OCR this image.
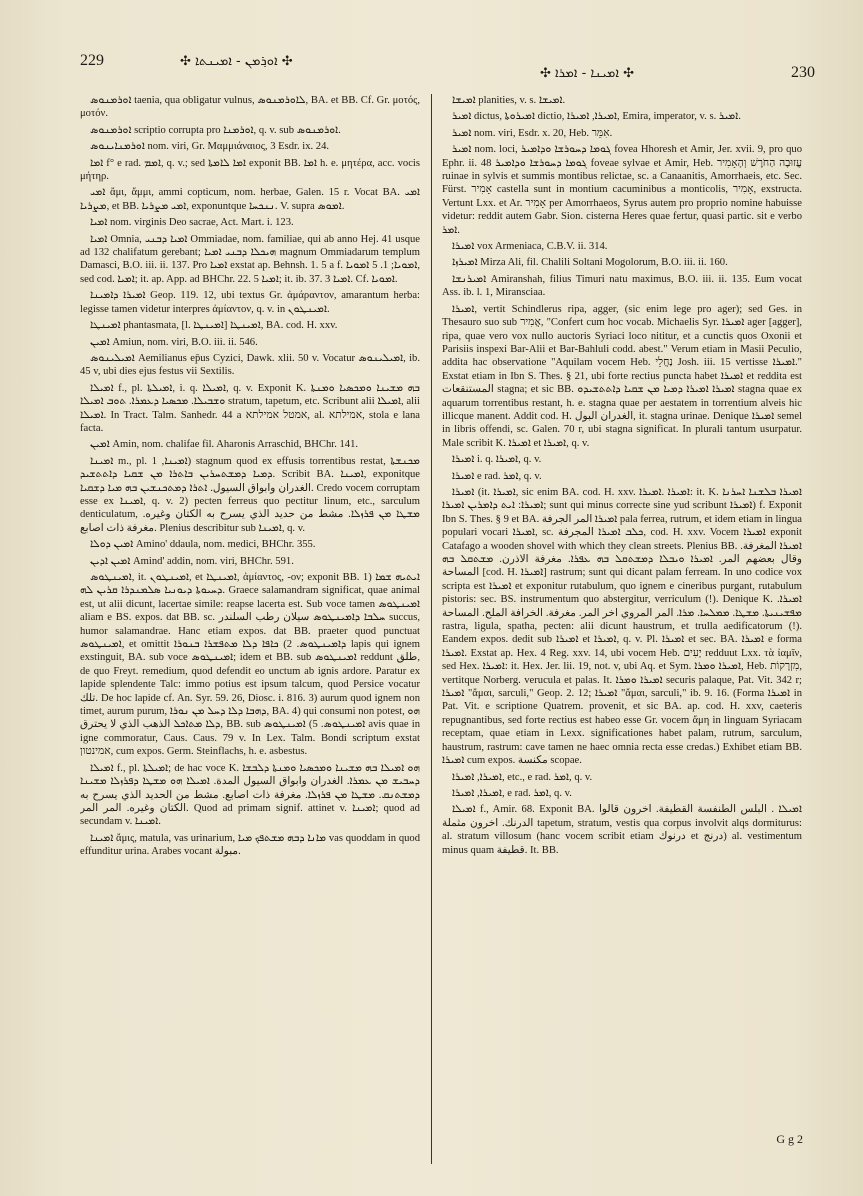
229	✣ ܐܘܪ݂ܡܢ - ܐܡܝܢܬܐ ✣
✣ ܐܡܝܢܐ - ܐܡܪܐ ✣	230

ܐܘܪܡܢܘܣ taenia, qua obligatur vulnus, ܠܐܘܪܡܢܘܣ, BA. et BB. Cf. Gr. μοτός, μοτόν.

ܐܘܪܡܢܘܣ scriptio corrupta pro ܐܘܪܡܢܐ, q. v. sub ܐܘܪܡܢܘܣ.

ܐܘܪܡܢܐܝܢܘܣ nom. viri, Gr. Μαμμιάναιος, 3 Esdr. ix. 24.

ܐܡܐ f° e rad. ܐܡܡ, q. v.; sed ܐܡܐ ܠܐܡܬܐ exponit BB. ܐܡܐ h. e. μητέρα, acc. vocis μήτηρ.

ܐܡܝ ἄμι, ἄμμι, ammi copticum, nom. herbae, Galen. 15 r. Vocat BA. ܐܡܝ ܡܨܪܝܐ, et BB. ܐܡܝ ܡܨܪܝܐ, exponuntque ܢܢܟܚܐ. V. supra ܐܡܘܣ.

ܐܡܝܐ nom. virginis Deo sacrae, Act. Mart. i. 123.

ܐܡܝܐ Omnia, ܐܡܝܐ ܕܒܢܝ Ommiadae, nom. familiae, qui ab anno Hej. 41 usque ad 132 chalifatum gerebant; ܗܝܟܠܐ ܕܒܢܝ ܐܡܝܐ magnum Ommiadarum templum Damasci, B.O. iii. ii. 137. Pro ܐܡܝܐ exstat ap. Behnsh. 1. 5 a f. ܐܡܘܝܐ; 1. 5 ܐܡܘܝܐ, sed cod. ܐܡܝܐ; it. ap. App. ad BHChr. 22. 5 ܐܡܝܐ; it. ib. 37. 3 ܐܡܝܐ. Cf. ܐܡܘܝܐ.

ܐܡܝܪܐ ܕܐܡܝܢܐ Geop. 119. 12, ubi textus Gr. ἀμάραντον, amarantum herba: legisse tamen videtur interpres ἀμίαντον, q. v. in ܐܡܝܢܛܘܢ.

ܐܡܝܢܛܐ phantasmata, [l. ܐܡܝܢܛܐ] ܐܡܝܢܛܐ, BA. cod. H. xxv.

ܐܡܝܢ Amiun, nom. viri, B.O. iii. ii. 546.

ܐܡܝܠܝܢܘܣ Aemilianus ep̄us Cyzici, Dawk. xlii. 50 v. Vocatur ܐܡܝܠܝܢܘܣ, ib. 45 v, ubi dies ejus festus vii Sextilis.

ܐܡܝܠܐ f., pl. ܐܡܝܠܬܐ, i. q. ܐܡܝܠܐ, q. v. Exponit K. ܒܗ ܡܫܝܢܐ ܘܡܟܣܝܐ ܘܡܢܬܐ ܘܫܒܝܠܐ. ܡܟܣܝܐ ܕܥܡܪܐ. ܬܘܒ ܐܡܝܠܐ stratum, tapetum, etc. Scribunt alii ܐܡܝܠܐ, alii ܐܡܝܠܐ. In Tract. Talm. Sanhedr. 44 a אמטל אמילתא, al. אמילתא, stola e lana facta.

ܐܡܝܢ Amin, nom. chalifae fil. Aharonis Arraschid, BHChr. 141.

ܐܡܝܢܐ m., pl. ܐܡܝܢܐ, 1) stagnum quod ex effusis torrentibus restat, ܡܟܢܫܬܐ ܕܡܝܐ ܕܡܫܬܚܪܝܢ ܒܐܬܪܐ ܡܢ ܫܩܝܐ ܕܐܬܬܫܝܕ. Scribit BA. ܐܡܝܢܐ, exponitque الغدران وابواق السيول. ܐܬܪܐ ܕܡܬܟܢܫܝܢ ܒܗ ܡܝܐ ܕܫܩܝܐ. Credo vocem corruptam esse ex ܐܡܝܢܐ, q. v. 2) pecten ferreus quo pectitur linum, etc., sarculum denticulatum, ܡܫܛܐ ܡܢ ܦܪܙܠܐ. مشط من حديد الذي يسرح به الكتان وغيره. مغرفة ذات اصابع. Plenius describitur sub ܐܡܝܢܐ, q. v.

ܐܡܝܢ ܕܘܠܐ Amino' ddaula, nom. medici, BHChr. 355.

ܐܡܝܢ ܐܕܝܢ Amind' addin, nom. viri, BHChr. 591.

ܐܡܝܢܛܘܣ, it. ܐܡܝܢܛܘܢ, et ܐܡܝܢܛܐ, ἀμίαντος, -ον; exponit BB. 1) ܐܝܬܝܗ ܫܡܐ ܕܚܝܘܬܐ ܕܝܘܢܝܐ ܣܠܡܢܕܪܐ ܩܪܝܢ ܠܗ. Graece salamandram significat, quae animal est, ut alii dicunt, lacertae simile: reapse lacerta est. Sub voce tamen ܐܡܝܢܛܘܣ aliam e BS. expos. dat BB. sc. ܚܠܒܐ ܕܐܡܝܢܛܘܣ سيلان رطب السلندر succus, humor salamandrae. Hanc etiam expos. dat BB. praeter quod punctuat ܐܡܝܢܛܘܣ, et omittit ܕܐܡܝܢܛܘܣ. 2) ܟܐܦܐ ܕܠܐ ܡܬܦܫܪܐ ܒܢܘܪܐ lapis qui ignem exstinguit, BA. sub voce ܐܡܝܢܛܘܣ; idem et BB. sub ܐܡܝܢܛܘܣ reddunt طلق, de quo Freyt. remedium, quod defendit eo unctum ab ignis ardore. Paratur ex lapide splendente Talc: immo potius est ipsum talcum, quod Persice vocatur تلك. De hoc lapide cf. An. Syr. 59. 26, Diosc. i. 816. 3) aurum quod ignem non timet, aurum purum, ܕܗܒܐ ܕܠܐ ܕܚܠ ܡܢ ܢܘܪܐ, BA. 4) qui consumi non potest, ܗܘ ܕܠܐ ܡܬܐܟܠ الذهب الذي لا يحترق, BB. sub ܐܡܝܢܛܘܣ. 5) ܐܡܝܢܛܘܣ avis quae in igne commoratur, Caus. Caus. 79 v. In Lex. Talm. Bondi scriptum exstat אמינטון, cum expos. Germ. Steinflachs, h. e. asbestus.

ܐܡܝܠܐ f., pl. ܐܡܝܠܬܐ; de hac voce K. ܗܘ ܐܡܝܠܐ ܒܗ ܡܫܝܢܐ ܘܡܟܣܝܐ ܘܡܢܬܐ ܕܠܒܫܐ ܕܚܒܝܫ ܡܢ ܥܡܪܐ. الغدران وابواق السيول المدة. ܐܡܝܠܐ ܗܘ ܡܫܛܐ ܕܦܪܙܠܐ ܡܫܝܢܐ ܕܡܫܬܢܩ. ܡܫܛܐ ܡܢ ܦܪܙܠܐ. مغرفة ذات اصابع. مشط من الحديد الذي يسرح به الكتان وغيره. المر المر. Quod ad primam signif. attinet v. ܐܡܝܢܐ; quod ad secundam v. ܐܡܝܢܐ.

ܐܡܝܢܐ ἄμις, matula, vas urinarium, ܡܐܢܐ ܕܒܗ ܡܫܬܦܟ ܡܝܐ vas quoddam in quod effunditur urina. Arabes vocant مبولة.

ܐܡܝܫܐ planities, v. s. ܐܡܝܫܐ.

ܐܡܝܪ dictus, ܐܡܝܪܘܬܐ dictio, ܐܡܝܪܐ, ܐܡܝܪܐ, Emira, imperator, v. s. ܐܡܝܪ.

ܐܡܝܪ nom. viri, Esdr. x. 20, Heb. אִמֵּר.

ܐܡܝܪ nom. loci, ܓܘܡܐ ܕܚܘܪܫܐ ܘܕܐܡܝܪ fovea Hhoresh et Amir, Jer. xvii. 9, pro quo Ephr. ii. 48 ܓܘܡܐ ܕܚܘܪܫܐ ܘܕܐܡܝܪ foveae sylvae et Amir, Heb. עֲזוּבָה הַחֹרֶשׁ וְהָאָמִיר ruinae in sylvis et summis montibus relictae, sc. a Canaanitis, Amorrhaeis, etc. Sec. Fürst. אָמִיר castella sunt in montium cacuminibus a monticolis, אָמִיר, exstructa. Vertunt Lxx. et Ar. אָמִיר per Amorrhaeos, Syrus autem pro proprio nomine habuisse videtur: reddit autem Gabr. Sion. cisterna Heres quae fertur, quasi partic. sit e verbo ܐܡܪ.

ܐܡܝܪܐ vox Armeniaca, C.B.V. ii. 314.

ܐܡܝܪܙܐ Mirza Ali, fil. Chalili Soltani Mogolorum, B.O. iii. ii. 160.

ܐܡܝܪܢܫܐ Amiranshah, filius Timuri natu maximus, B.O. iii. ii. 135. Eum vocat Ass. ib. l. 1, Miransciaa.

ܐܡܝܪܐ, vertit Schindlerus ripa, agger, (sic enim lege pro ager); sed Ges. in Thesauro suo sub אֲמִיר, "Confert cum hoc vocab. Michaelis Syr. ܐܡܝܪܐ ager [agger], ripa, quae vero vox nullo auctoris Syriaci loco nititur, et a cunctis quos Oxonii et Parisiis inspexi Bar-Alii et Bar-Bahluli codd. abest." Verum etiam in Masii Peculio, addita hac observatione "Aquilam vocem Heb. נַחֲלֵי Josh. iii. 15 vertisse ܐܡܝܪܐ." Exstat etiam in Ibn S. Thes. § 21, ubi forte rectius puncta habet ܐܡܝܪܐ et reddita est المستنقعات stagna; et sic BB. ܐܡܝܪܐ ܐܡܝܪܐ ܕܡܝܐ ܡܢ ܫܩܝܐ ܕܐܬܬܫܝܕܘ stagna quae ex aquarum torrentibus restant, h. e. stagna quae per aestatem in torrentium alveis hic illicque manent. Addit cod. H. الغدران البول, it. stagna urinae. Denique ܐܡܝܪܐ semel in libris offendi, sc. Galen. 70 r, ubi stagna significat. In plurali tantum usurpatur. Male scribit K. ܐܡܝܪܐ et ܐܡܝܪܐ, q. v.

ܐܡܝܪܐ i. q. ܐܡܝܪܐ, q. v.

ܐܡܝܪܐ e rad. ܐܡܪ, q. v.

ܐܡܝܪܐ (it. ܐܡܝܪܐ, sic enim BA. cod. H. xxv. ܐܡܝܪܐ .ܐܡܝܪܐ: it. K. ܐܡܝܪܐ ܒܠܫܢܐ ܐܚܪܢܐ ܐܡܝܪܐ: ܐܝܬ ܕܐܡܪܝܢ ܐܡܝܪܐ; sunt qui minus correcte sine yud scribunt ܐܡܝܪܐ) f. Exponit Ibn S. Thes. § 9 et BA. ܐܡܝܪܐ المر الجرفة pala ferrea, rutrum, et idem etiam in lingua populari vocari ܐܡܝܪܐ, sc. ܟܠܒ ܐܡܝܪܐ المجرفة, cod. H. xxv. Vocem ܐܡܝܪܐ exponit Catafago a wooden shovel with which they clean streets. Plenius BB. ܐܡܝܪܐ المغرفة. وقال بعضهم المر. ܐܡܝܪܐ ܘܝܒܠܐ ܕܡܫܬܩܠ ܒܗ ܥܦܪܐ. مغرفة الاذرن. ܡܫܬܩܠ ܒܗ المساحة [cod. H. ܐܡܝܪܐ] rastrum; sunt qui dicant palam ferream. In uno codice vox scripta est ܐܡܝܪܐ et exponitur rutabulum, quo ignem e cineribus purgant, rutabulum pistoris: sec. BS. instrumentum quo abstergitur, verriculum (!). Denique K. ܐܡܝܪܐ. ܡܦܫܝܢܝܬܐ. ܡܫܛܐ. ܡܡܠܚܐ. ܡܪܐ. المر المروي اخر المر. مغرفة. الخرافة الملح. المساحة rastra, ligula, spatha, pecten: alii dicunt haustrum, et trulla aedificatorum (!). Eandem expos. dedit sub ܐܡܝܪܐ et ܐܡܝܪܐ, q. v. Pl. ܐܡܝܪܐ et sec. BA. ܐܡܝܪܐ e forma ܐܡܝܪܐ. Exstat ap. Hex. 4 Reg. xxv. 14, ubi vocem Heb. יָעִים redduut Lxx. τὰ ἰαμῖν, sed Hex. ܐܡܝܪܐ: it. Hex. Jer. lii. 19, not. v, ubi Aq. et Sym. ܐܡܝܪܐ ܘܡܪܐ, Heb. מִזְרָקוֹת, vertitque Norberg. verucula et palas. It. ܐܡܝܪܐ ܘܡܪܐ securis palaque, Pat. Vit. 342 r; ܐܡܝܪܐ "ἄμαι, sarculi," Geop. 2. 12; ܐܡܝܪܐ "ἄμαι, sarculi," ib. 9. 16. (Forma ܐܡܝܪܐ in Pat. Vit. e scriptione Quatrem. provenit, et sic BA. ap. cod. H. xxv, caeteris repugnantibus, sed forte rectius est habeo esse Gr. vocem ἄμη in linguam Syriacam receptam, quae etiam in Lexx. significationes habet palam, rutrum, sarculum, haustrum, rastrum: cave tamen ne haec omnia recta esse credas.) Exhibet etiam BB. ܐܡܝܪܐ cum expos. مكنسة scopae.

ܐܡܝܪܐ, ܐܡܝܪܐ, etc., e rad. ܐܡܪ, q. v.

ܐܡܝܪܐ, ܐܡܝܪܐ, e rad. ܐܡܪ, q. v.

ܐܡܝܠܐ f., Amir. 68. Exponit BA. ܐܡܝܠܐ . البلس الطنفسة القطيفة. اخرون قالوا الدرنك. اخرون مثملة tapetum, stratum, vestis qua corpus involvit alqs dormiturus: al. stratum villosum (hanc vocem scribit etiam درنوك et درنج) al. vestimentum minus quam قطيفة. It. BB.

G g 2
